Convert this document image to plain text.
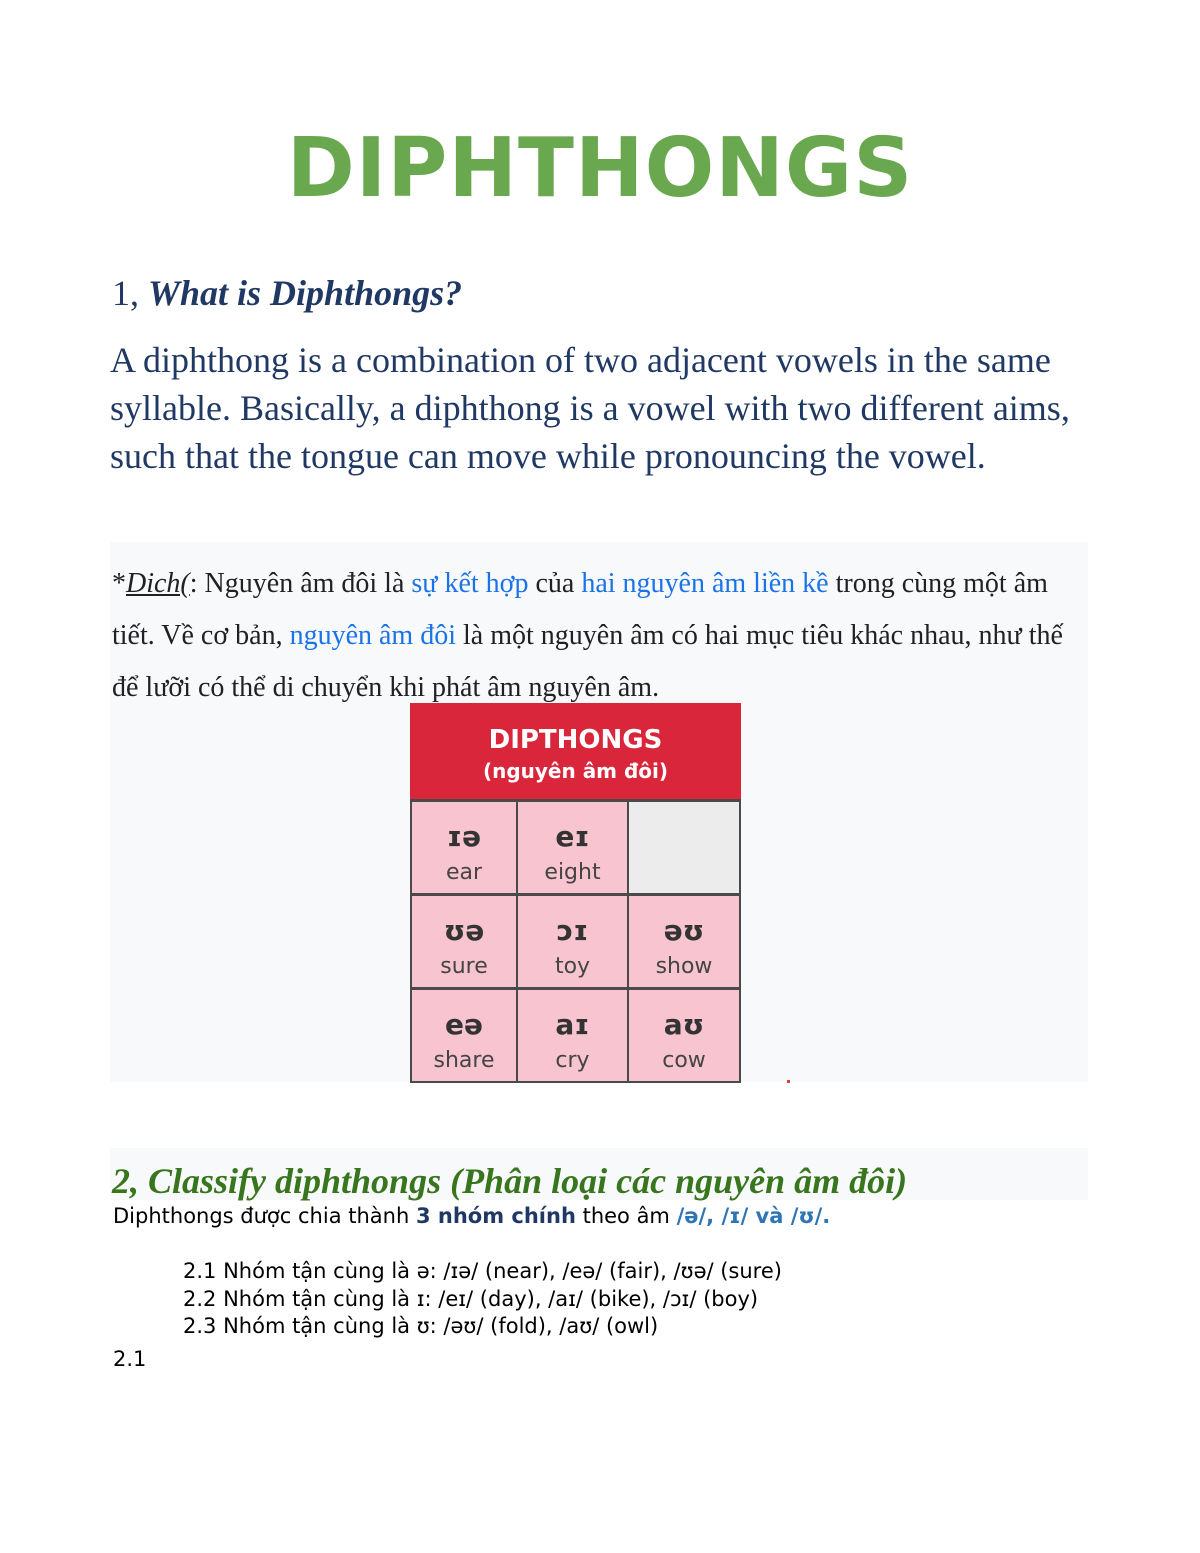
DIPHTHONGS
1, What is Diphthongs?
A diphthong is a combination of two adjacent vowels in the same syllable. Basically, a diphthong is a vowel with two different aims, such that the tongue can move while pronouncing the vowel.
*Dich(: Nguyên âm đôi là sự kết hợp của hai nguyên âm liền kề trong cùng một âm tiết. Về cơ bản, nguyên âm đôi là một nguyên âm có hai mục tiêu khác nhau, như thế để lưỡi có thể di chuyển khi phát âm nguyên âm.
DIPTHONGS
(nguyên âm đôi)
ɪə
ear
eɪ
eight
ʊə
sure
ɔɪ
toy
əʊ
show
eə
share
aɪ
cry
aʊ
cow
2, Classify diphthongs (Phân loại các nguyên âm đôi)
Diphthongs được chia thành 3 nhóm chính theo âm /ə/, /ɪ/ và /ʊ/.
2.1 Nhóm tận cùng là ə: /ɪə/ (near), /eə/ (fair), /ʊə/ (sure)
2.2 Nhóm tận cùng là ɪ: /eɪ/ (day), /aɪ/ (bike), /ɔɪ/ (boy)
2.3 Nhóm tận cùng là ʊ: /əʊ/ (fold), /aʊ/ (owl)
2.1
